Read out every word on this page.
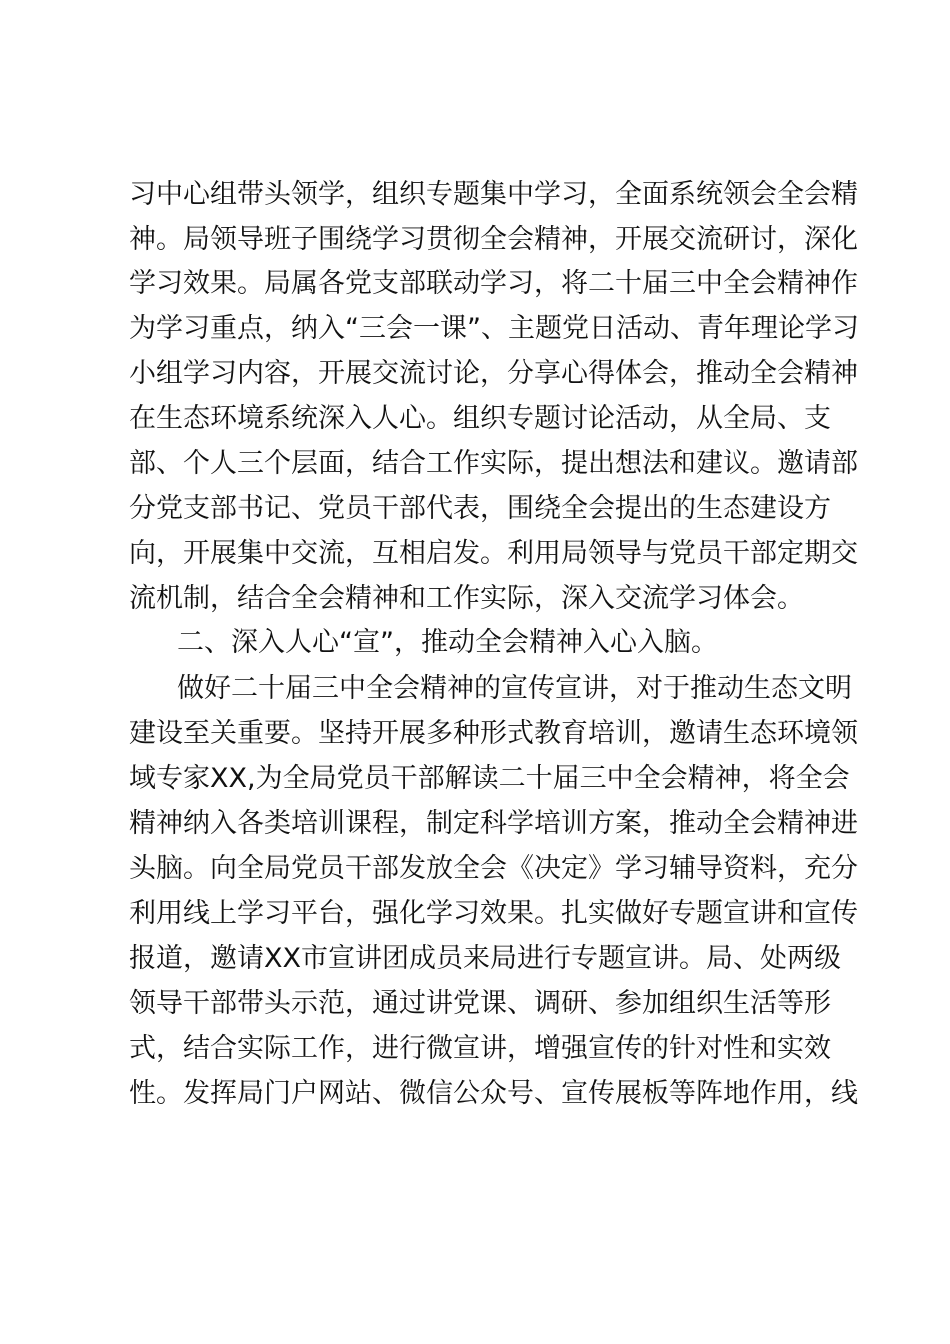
习中心组带头领学，组织专题集中学习，全面系统领会全会精
神。局领导班子围绕学习贯彻全会精神，开展交流研讨，深化
学习效果。局属各党支部联动学习，将二十届三中全会精神作
为学习重点，纳入“三会一课”、主题党日活动、青年理论学习
小组学习内容，开展交流讨论，分享心得体会，推动全会精神
在生态环境系统深入人心。组织专题讨论活动，从全局、支
部、个人三个层面，结合工作实际，提出想法和建议。邀请部
分党支部书记、党员干部代表，围绕全会提出的生态建设方
向，开展集中交流，互相启发。利用局领导与党员干部定期交
流机制，结合全会精神和工作实际，深入交流学习体会。
二、深入人心“宣”，推动全会精神入心入脑。
做好二十届三中全会精神的宣传宣讲，对于推动生态文明
建设至关重要。坚持开展多种形式教育培训，邀请生态环境领
域专家XX,为全局党员干部解读二十届三中全会精神，将全会
精神纳入各类培训课程，制定科学培训方案，推动全会精神进
头脑。向全局党员干部发放全会《决定》学习辅导资料，充分
利用线上学习平台，强化学习效果。扎实做好专题宣讲和宣传
报道，邀请XX市宣讲团成员来局进行专题宣讲。局、处两级
领导干部带头示范，通过讲党课、调研、参加组织生活等形
式，结合实际工作，进行微宣讲，增强宣传的针对性和实效
性。发挥局门户网站、微信公众号、宣传展板等阵地作用，线
